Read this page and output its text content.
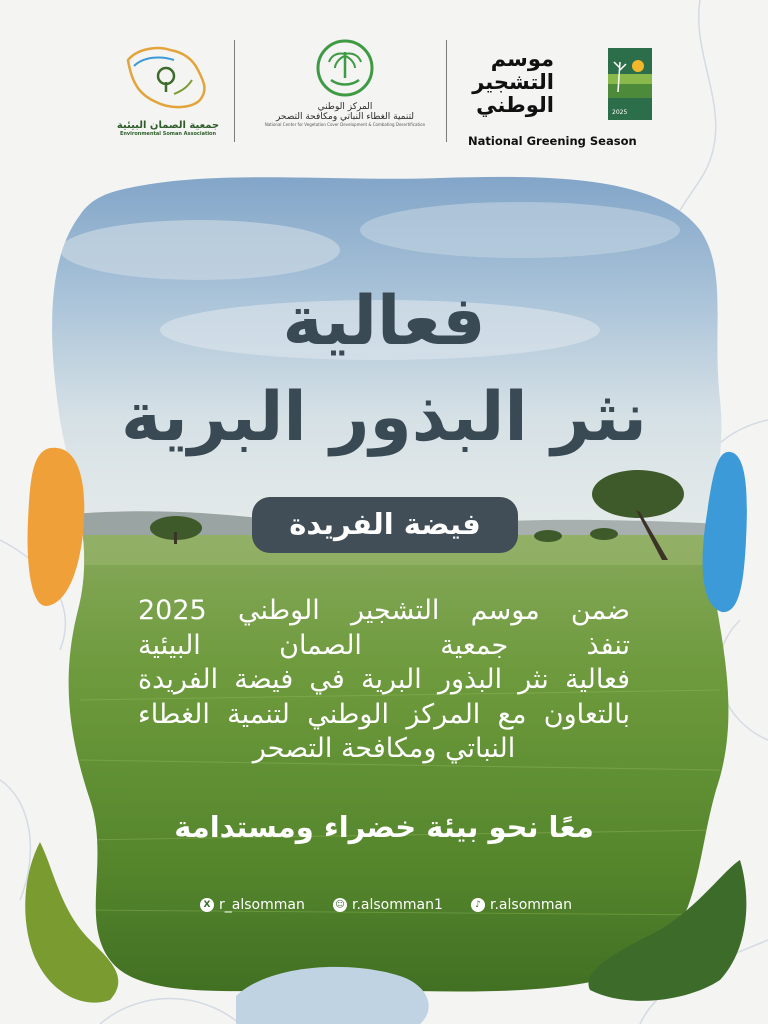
جمعية الصمان البيئية
Environmental Soman Association
المركز الوطني
لتنمية الغطاء النباتي ومكافحة التصحر
National Center for Vegetation Cover Development & Combating Desertification
موسم التشجير الوطني	2025
National Greening Season
فعالية
نثر البذور البرية
فيضة الفريدة
ضمن موسم التشجير الوطني 2025
تنفذ جمعية الصمان البيئية
فعالية نثر البذور البرية في فيضة الفريدة
بالتعاون مع المركز الوطني لتنمية الغطاء
النباتي ومكافحة التصحر
معًا نحو بيئة خضراء ومستدامة
X r_alsomman	☺ r.alsomman1	♪ r.alsomman
